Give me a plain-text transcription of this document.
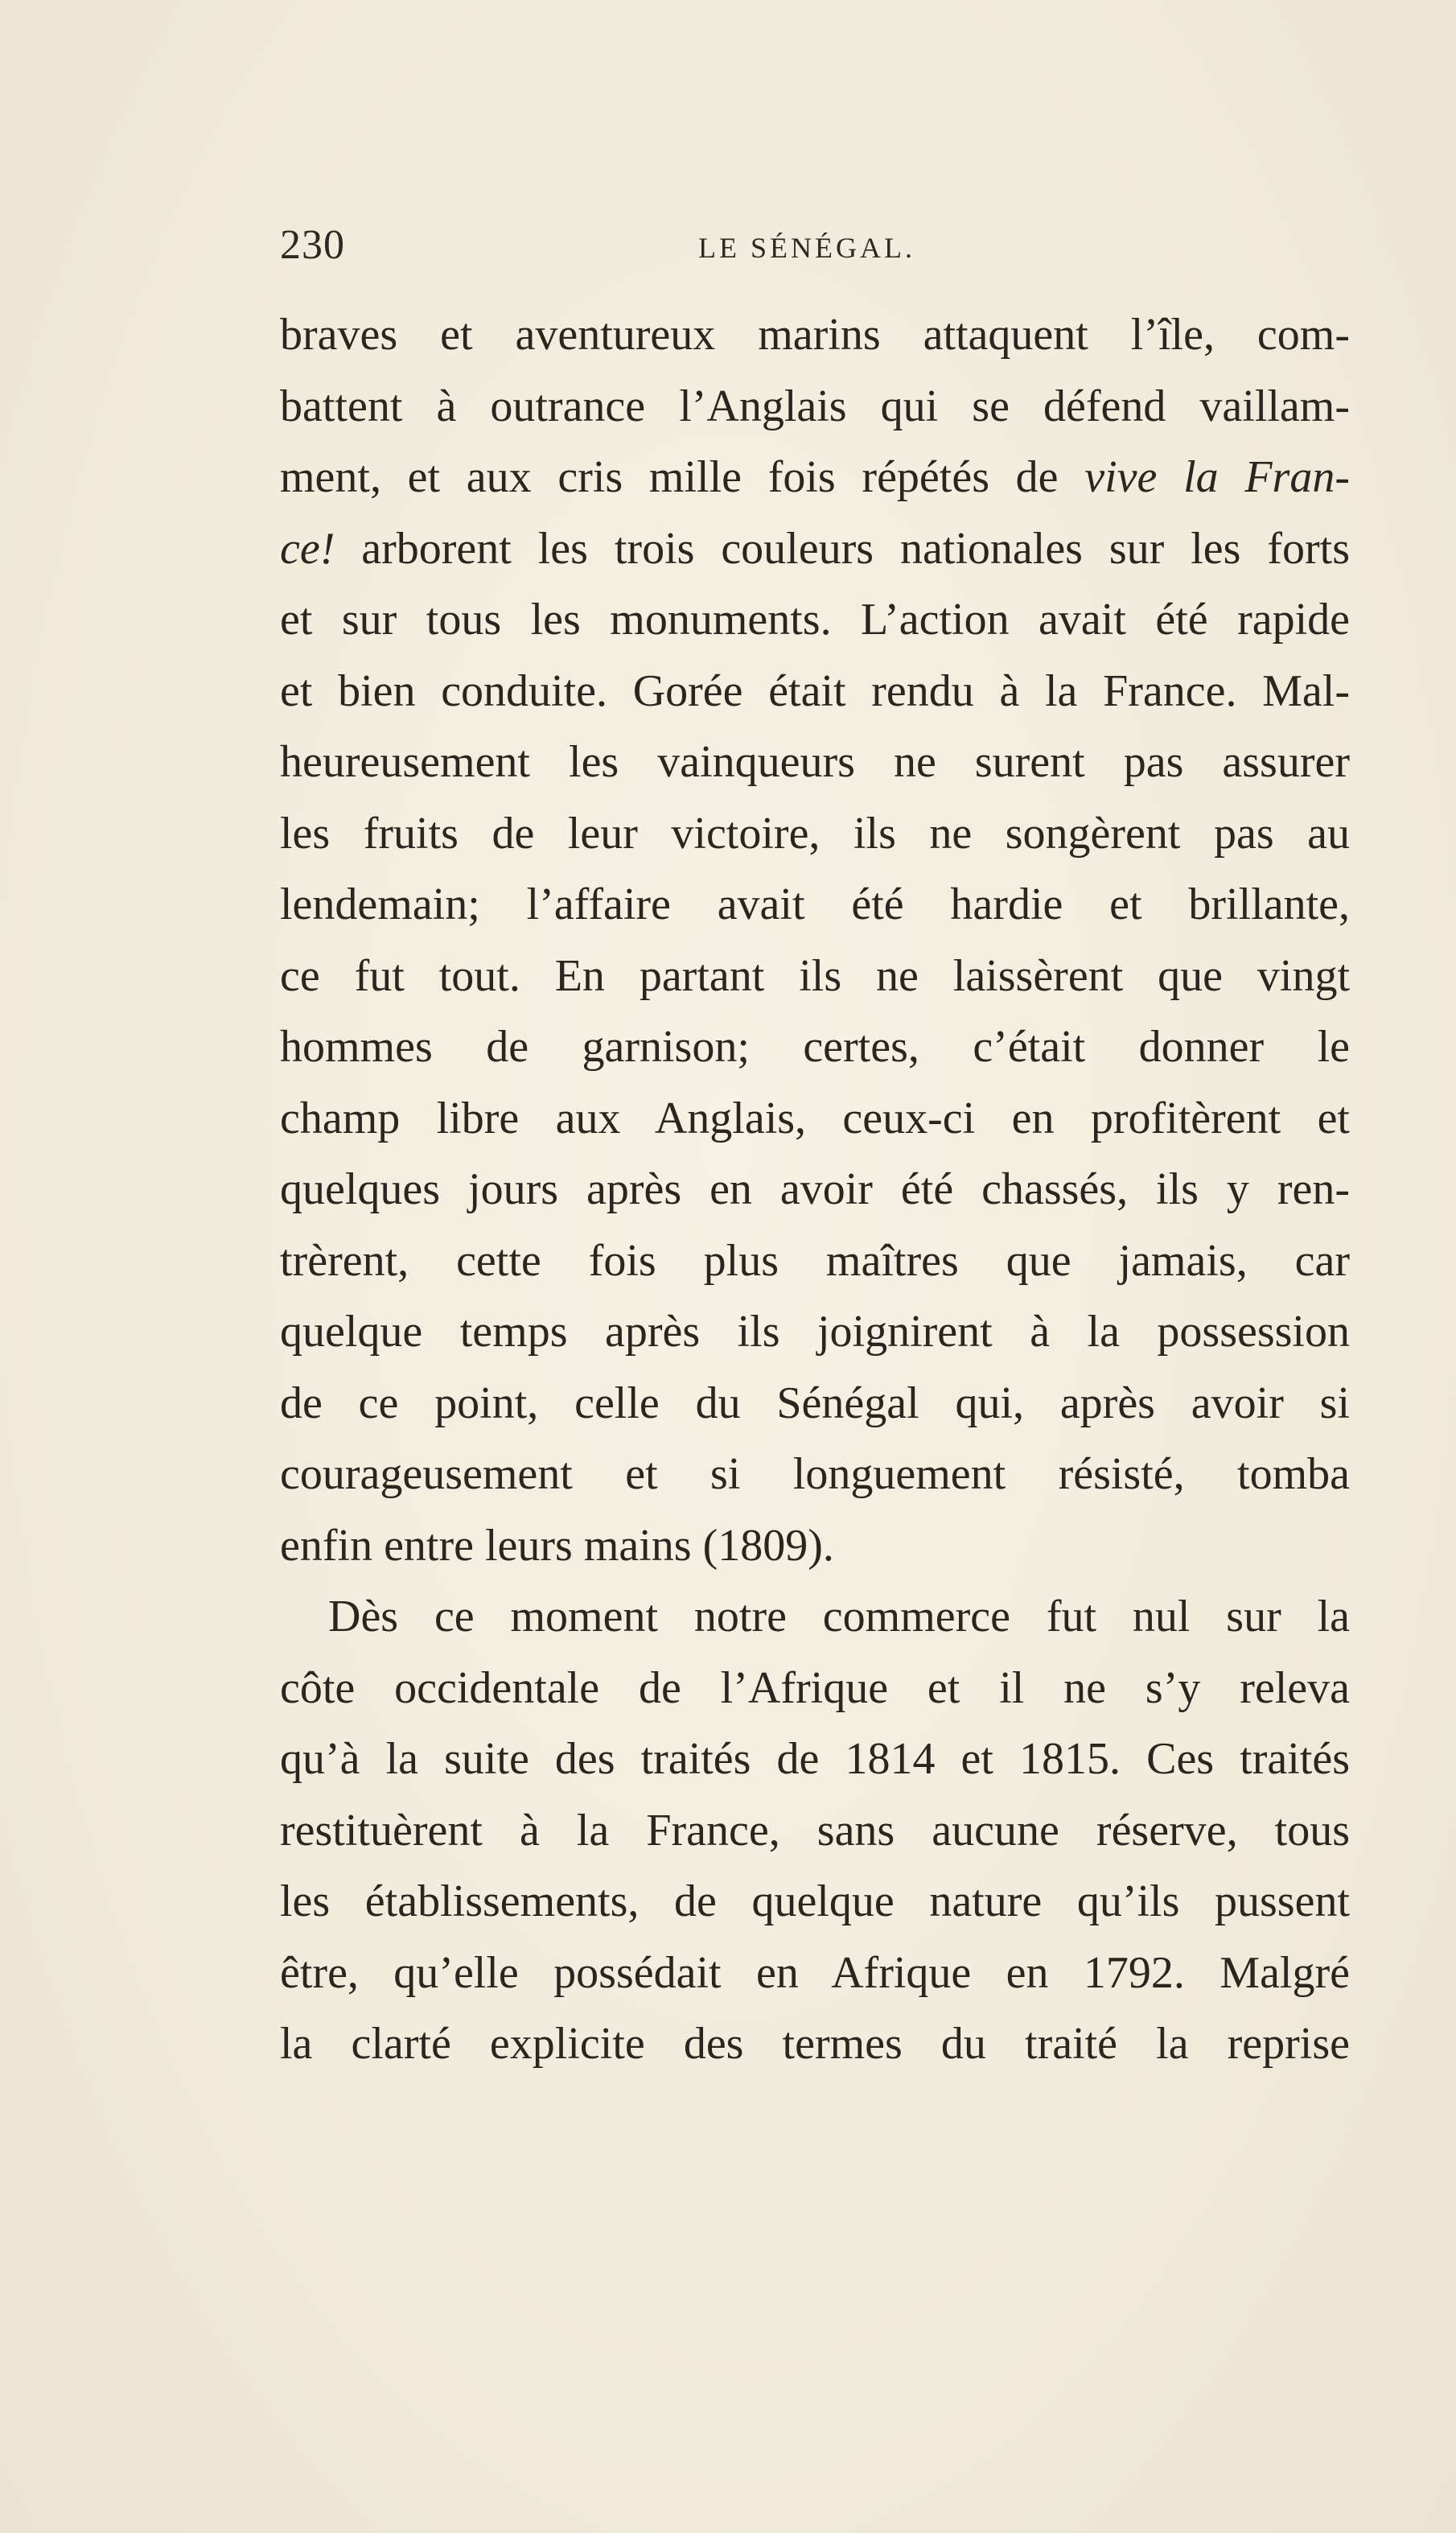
230	LE SÉNÉGAL.
braves et aventureux marins attaquent l’île, com-
battent à outrance l’Anglais qui se défend vaillam-
ment, et aux cris mille fois répétés de vive la Fran-
ce! arborent les trois couleurs nationales sur les forts
et sur tous les monuments. L’action avait été rapide
et bien conduite. Gorée était rendu à la France. Mal-
heureusement les vainqueurs ne surent pas assurer
les fruits de leur victoire, ils ne songèrent pas au
lendemain; l’affaire avait été hardie et brillante,
ce fut tout. En partant ils ne laissèrent que vingt
hommes de garnison; certes, c’était donner le
champ libre aux Anglais, ceux-ci en profitèrent et
quelques jours après en avoir été chassés, ils y ren-
trèrent, cette fois plus maîtres que jamais, car
quelque temps après ils joignirent à la possession
de ce point, celle du Sénégal qui, après avoir si
courageusement et si longuement résisté, tomba
enfin entre leurs mains (1809).
Dès ce moment notre commerce fut nul sur la
côte occidentale de l’Afrique et il ne s’y releva
qu’à la suite des traités de 1814 et 1815. Ces traités
restituèrent à la France, sans aucune réserve, tous
les établissements, de quelque nature qu’ils pussent
être, qu’elle possédait en Afrique en 1792. Malgré
la clarté explicite des termes du traité la reprise
